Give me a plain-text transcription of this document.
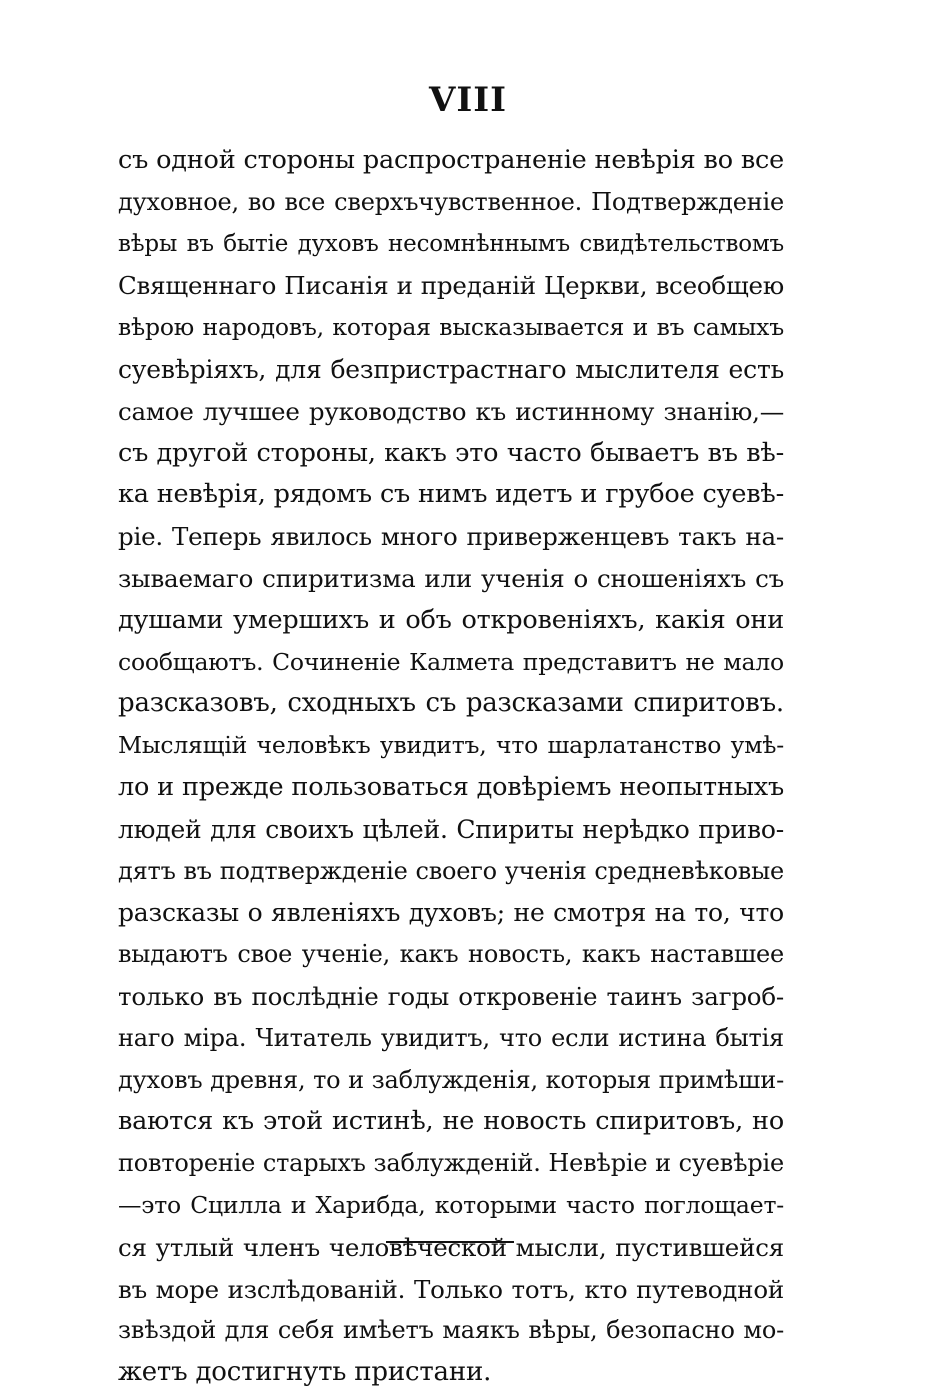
VIII
съ одной стороны распространеніе невѣрія во все
духовное, во все сверхъчувственное. Подтвержденіе
вѣры въ бытіе духовъ несомнѣннымъ свидѣтельствомъ
Священнаго Писанія и преданій Церкви, всеобщею
вѣрою народовъ, которая высказывается и въ самыхъ
суевѣріяхъ, для безпристрастнаго мыслителя есть
самое лучшее руководство къ истинному знанію,—
съ другой стороны, какъ это часто бываетъ въ вѣ-
ка невѣрія, рядомъ съ нимъ идетъ и грубое суевѣ-
ріе. Теперь явилось много приверженцевъ такъ на-
зываемаго спиритизма или ученія о сношеніяхъ съ
душами умершихъ и объ откровеніяхъ, какія они
сообщаютъ. Сочиненіе Калмета представитъ не мало
разсказовъ, сходныхъ съ разсказами спиритовъ.
Мыслящій человѣкъ увидитъ, что шарлатанство умѣ-
ло и прежде пользоваться довѣріемъ неопытныхъ
людей для своихъ цѣлей. Спириты нерѣдко приво-
дятъ въ подтвержденіе своего ученія средневѣковые
разсказы о явленіяхъ духовъ; не смотря на то, что
выдаютъ свое ученіе, какъ новость, какъ наставшее
только въ послѣдніе годы откровеніе таинъ загроб-
наго міра. Читатель увидитъ, что если истина бытія
духовъ древня, то и заблужденія, которыя примѣши-
ваются къ этой истинѣ, не новость спиритовъ, но
повтореніе старыхъ заблужденій. Невѣріе и суевѣріе
—это Сцилла и Харибда, которыми часто поглощает-
ся утлый членъ человѣческой мысли, пустившейся
въ море изслѣдованій. Только тотъ, кто путеводной
звѣздой для себя имѣетъ маякъ вѣры, безопасно мо-
жетъ достигнуть пристани.
